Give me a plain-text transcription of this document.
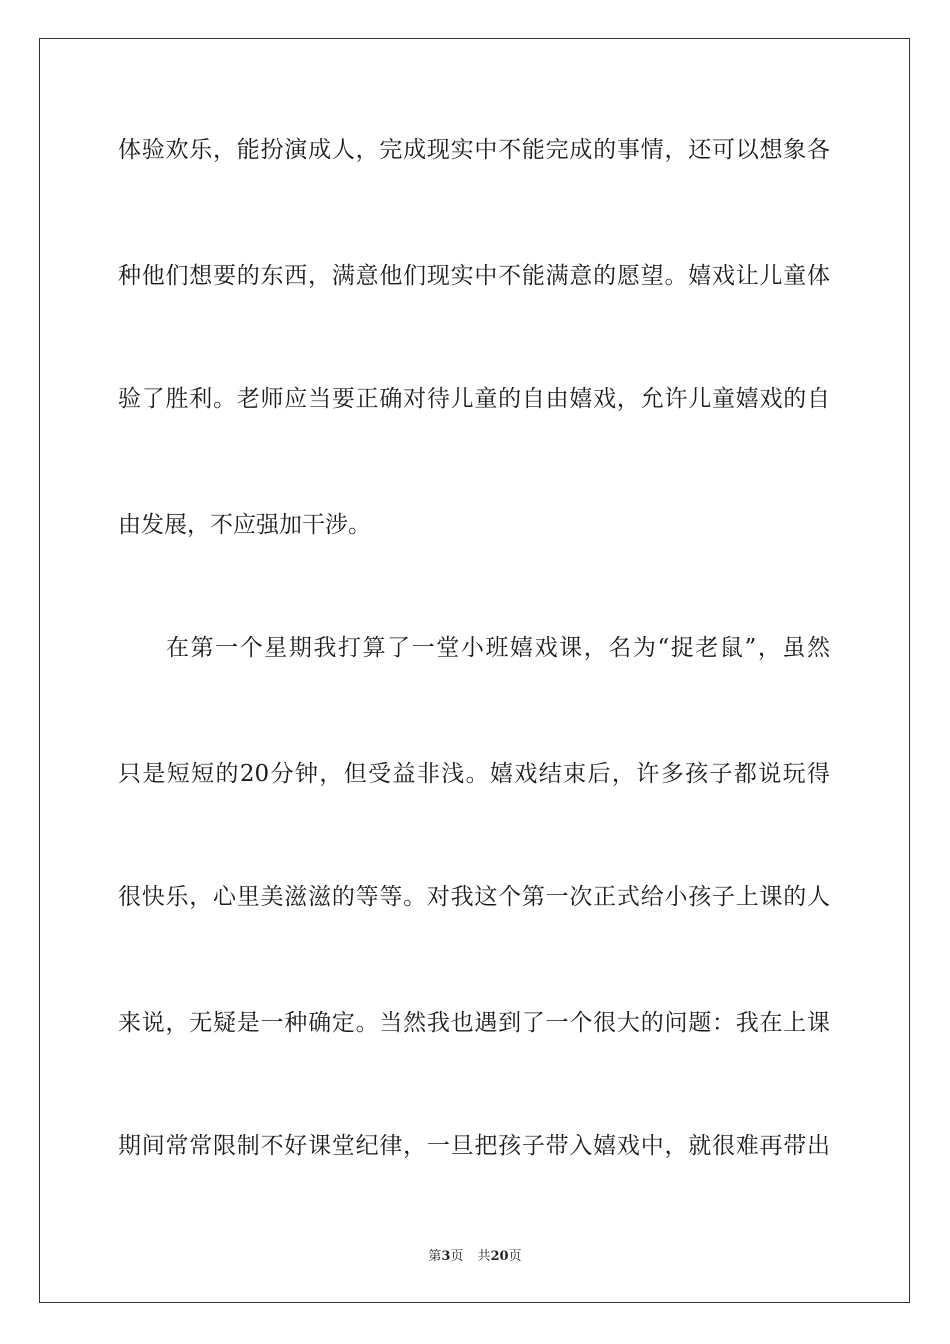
体验欢乐，能扮演成人，完成现实中不能完成的事情，还可以想象各
种他们想要的东西，满意他们现实中不能满意的愿望。嬉戏让儿童体
验了胜利。老师应当要正确对待儿童的自由嬉戏，允许儿童嬉戏的自
由发展，不应强加干涉。
在第一个星期我打算了一堂小班嬉戏课，名为“捉老鼠”，虽然
只是短短的20分钟，但受益非浅。嬉戏结束后，许多孩子都说玩得
很快乐，心里美滋滋的等等。对我这个第一次正式给小孩子上课的人
来说，无疑是一种确定。当然我也遇到了一个很大的问题：我在上课
期间常常限制不好课堂纪律，一旦把孩子带入嬉戏中，就很难再带出
第3页 共20页
